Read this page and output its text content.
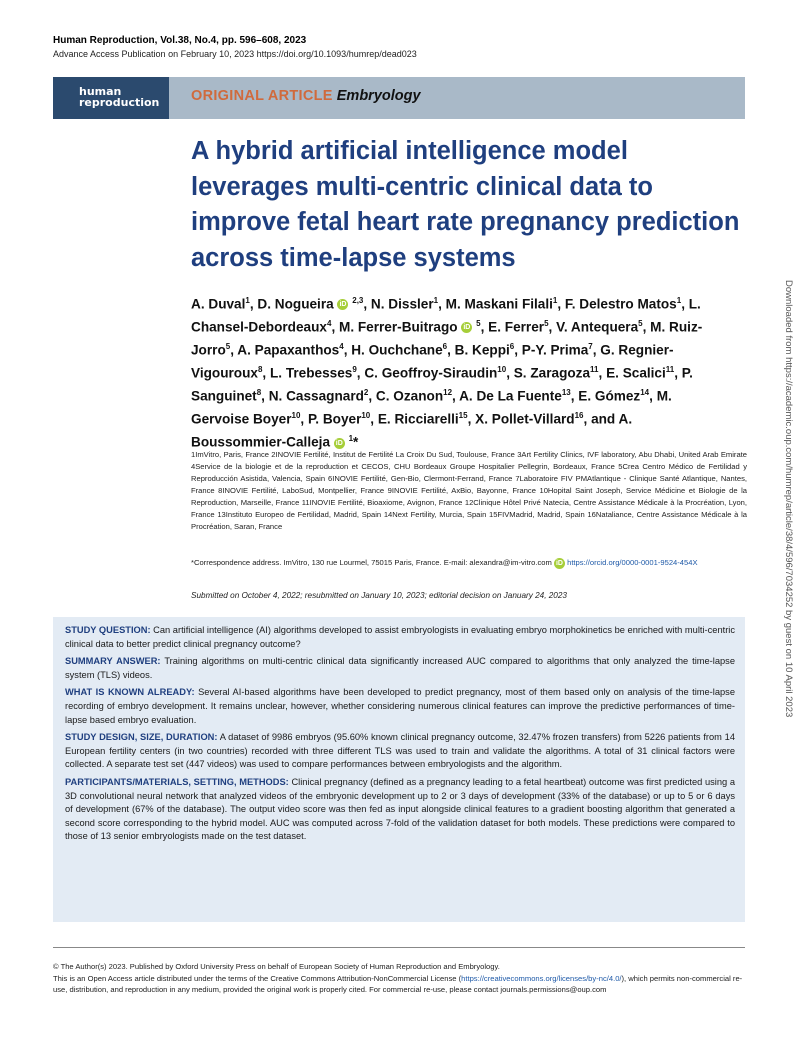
Human Reproduction, Vol.38, No.4, pp. 596–608, 2023
Advance Access Publication on February 10, 2023 https://doi.org/10.1093/humrep/dead023
human
reproduction ORIGINAL ARTICLE Embryology
A hybrid artificial intelligence model leverages multi-centric clinical data to improve fetal heart rate pregnancy prediction across time-lapse systems
A. Duval$^1$, D. Nogueira iD $^{2,3}$, N. Dissler$^1$, M. Maskani Filali$^1$, F. Delestro Matos$^1$, L. Chansel-Debordeaux$^4$, M. Ferrer-Buitrago iD $^5$, E. Ferrer$^5$, V. Antequera$^5$, M. Ruiz-Jorro$^5$, A. Papaxanthos$^4$, H. Ouchchane$^6$, B. Keppi$^6$, P-Y. Prima$^7$, G. Regnier-Vigouroux$^8$, L. Trebesses$^9$, C. Geoffroy-Siraudin$^{10}$, S. Zaragoza$^{11}$, E. Scalici$^{11}$, P. Sanguinet$^8$, N. Cassagnard$^2$, C. Ozanon$^{12}$, A. De La Fuente$^{13}$, E. Gómez$^{14}$, M. Gervoise Boyer$^{10}$, P. Boyer$^{10}$, E. Ricciarelli$^{15}$, X. Pollet-Villard$^{16}$, and A. Boussommier-Calleja iD $^1$*
1ImVitro, Paris, France 2INOVIE Fertilité, Institut de Fertilité La Croix Du Sud, Toulouse, France 3Art Fertility Clinics, IVF laboratory, Abu Dhabi, United Arab Emirate 4Service de la biologie et de la reproduction et CECOS, CHU Bordeaux Groupe Hospitalier Pellegrin, Bordeaux, France 5Crea Centro Médico de Fertilidad y Reproducción Asistida, Valencia, Spain 6INOVIE Fertilité, Gen-Bio, Clermont-Ferrand, France 7Laboratoire FIV PMAtlantique - Clinique Santé Atlantique, Nantes, France 8INOVIE Fertilité, LaboSud, Montpellier, France 9INOVIE Fertilité, AxBio, Bayonne, France 10Hopital Saint Joseph, Service Médicine et Biologie de la Reproduction, Marseille, France 11INOVIE Fertilité, Bioaxiome, Avignon, France 12Clinique Hôtel Privé Natecia, Centre Assistance Médicale à la Procréation, Lyon, France 13Instituto Europeo de Fertilidad, Madrid, Spain 14Next Fertility, Murcia, Spain 15FIVMadrid, Madrid, Spain 16Nataliance, Centre Assistance Médicale à la Procréation, Saran, France
*Correspondence address. ImVitro, 130 rue Lourmel, 75015 Paris, France. E-mail: alexandra@im-vitro.com iD https://orcid.org/0000-0001-9524-454X
Submitted on October 4, 2022; resubmitted on January 10, 2023; editorial decision on January 24, 2023

STUDY QUESTION: Can artificial intelligence (AI) algorithms developed to assist embryologists in evaluating embryo morphokinetics be enriched with multi-centric clinical data to better predict clinical pregnancy outcome?

SUMMARY ANSWER: Training algorithms on multi-centric clinical data significantly increased AUC compared to algorithms that only analyzed the time-lapse system (TLS) videos.

WHAT IS KNOWN ALREADY: Several AI-based algorithms have been developed to predict pregnancy, most of them based only on analysis of the time-lapse recording of embryo development. It remains unclear, however, whether considering numerous clinical features can improve the predictive performances of time-lapse based embryo evaluation.

STUDY DESIGN, SIZE, DURATION: A dataset of 9986 embryos (95.60% known clinical pregnancy outcome, 32.47% frozen transfers) from 5226 patients from 14 European fertility centers (in two countries) recorded with three different TLS was used to train and validate the algorithms. A total of 31 clinical factors were collected. A separate test set (447 videos) was used to compare performances between embryologists and the algorithm.

PARTICIPANTS/MATERIALS, SETTING, METHODS: Clinical pregnancy (defined as a pregnancy leading to a fetal heartbeat) outcome was first predicted using a 3D convolutional neural network that analyzed videos of the embryonic development up to 2 or 3 days of development (33% of the database) or up to 5 or 6 days of development (67% of the database). The output video score was then fed as input alongside clinical features to a gradient boosting algorithm that generated a second score corresponding to the hybrid model. AUC was computed across 7-fold of the validation dataset for both models. These predictions were compared to those of 13 senior embryologists made on the test dataset.

© The Author(s) 2023. Published by Oxford University Press on behalf of European Society of Human Reproduction and Embryology.
This is an Open Access article distributed under the terms of the Creative Commons Attribution-NonCommercial License (https://creativecommons.org/licenses/by-nc/4.0/), which permits non-commercial re-use, distribution, and reproduction in any medium, provided the original work is properly cited. For commercial re-use, please contact journals.permissions@oup.com
Downloaded from https://academic.oup.com/humrep/article/38/4/596/7034252 by guest on 10 April 2023
